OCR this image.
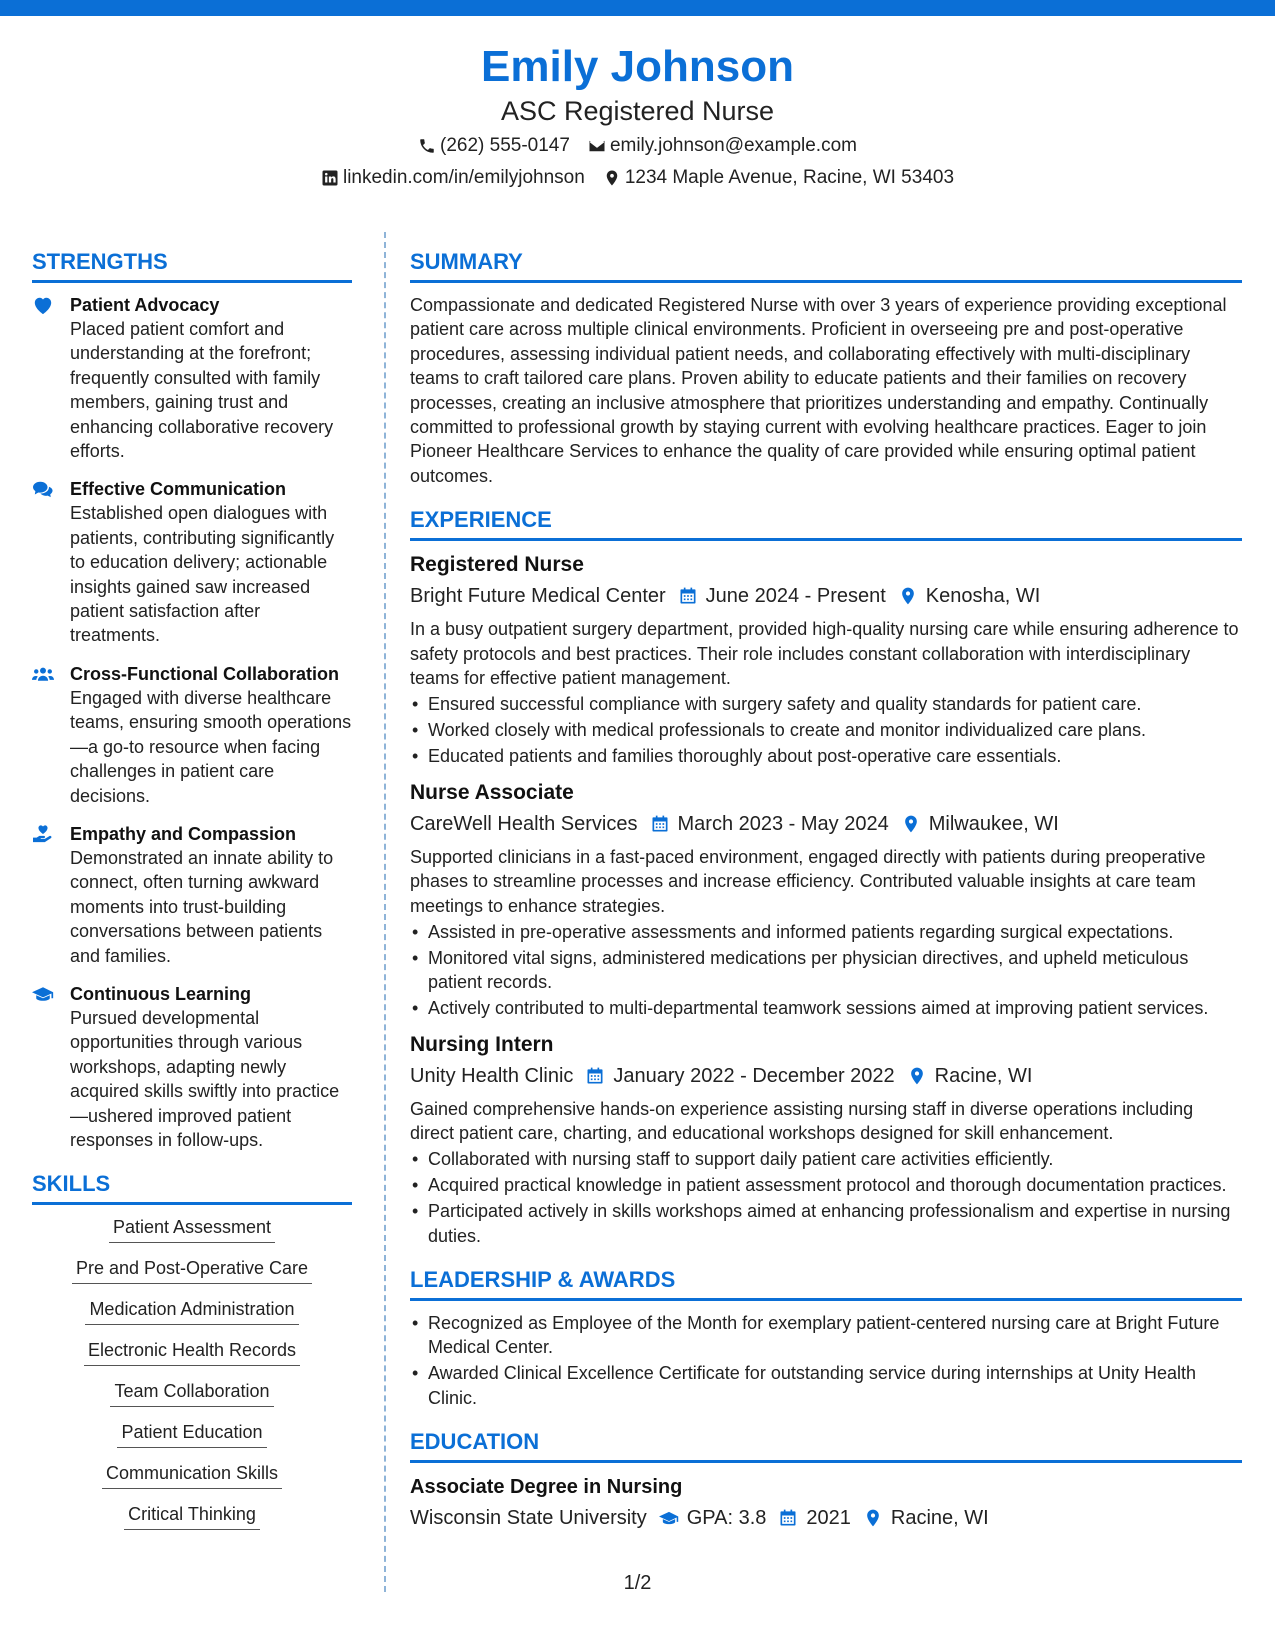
Emily Johnson
ASC Registered Nurse
(262) 555-0147 emily.johnson@example.com
linkedin.com/in/emilyjohnson 1234 Maple Avenue, Racine, WI 53403
STRENGTHS
Patient Advocacy
Placed patient comfort and understanding at the forefront; frequently consulted with family members, gaining trust and enhancing collaborative recovery efforts.
Effective Communication
Established open dialogues with patients, contributing significantly to education delivery; actionable insights gained saw increased patient satisfaction after treatments.
Cross-Functional Collaboration
Engaged with diverse healthcare teams, ensuring smooth operations—a go-to resource when facing challenges in patient care decisions.
Empathy and Compassion
Demonstrated an innate ability to connect, often turning awkward moments into trust-building conversations between patients and families.
Continuous Learning
Pursued developmental opportunities through various workshops, adapting newly acquired skills swiftly into practice—ushered improved patient responses in follow-ups.
SKILLS
Patient Assessment
Pre and Post-Operative Care
Medication Administration
Electronic Health Records
Team Collaboration
Patient Education
Communication Skills
Critical Thinking
SUMMARY
Compassionate and dedicated Registered Nurse with over 3 years of experience providing exceptional patient care across multiple clinical environments. Proficient in overseeing pre and post-operative procedures, assessing individual patient needs, and collaborating effectively with multi-disciplinary teams to craft tailored care plans. Proven ability to educate patients and their families on recovery processes, creating an inclusive atmosphere that prioritizes understanding and empathy. Continually committed to professional growth by staying current with evolving healthcare practices. Eager to join Pioneer Healthcare Services to enhance the quality of care provided while ensuring optimal patient outcomes.
EXPERIENCE
Registered Nurse
Bright Future Medical Center June 2024 - Present Kenosha, WI
In a busy outpatient surgery department, provided high-quality nursing care while ensuring adherence to safety protocols and best practices. Their role includes constant collaboration with interdisciplinary teams for effective patient management.
• Ensured successful compliance with surgery safety and quality standards for patient care.
• Worked closely with medical professionals to create and monitor individualized care plans.
• Educated patients and families thoroughly about post-operative care essentials.
Nurse Associate
CareWell Health Services March 2023 - May 2024 Milwaukee, WI
Supported clinicians in a fast-paced environment, engaged directly with patients during preoperative phases to streamline processes and increase efficiency. Contributed valuable insights at care team meetings to enhance strategies.
• Assisted in pre-operative assessments and informed patients regarding surgical expectations.
• Monitored vital signs, administered medications per physician directives, and upheld meticulous patient records.
• Actively contributed to multi-departmental teamwork sessions aimed at improving patient services.
Nursing Intern
Unity Health Clinic January 2022 - December 2022 Racine, WI
Gained comprehensive hands-on experience assisting nursing staff in diverse operations including direct patient care, charting, and educational workshops designed for skill enhancement.
• Collaborated with nursing staff to support daily patient care activities efficiently.
• Acquired practical knowledge in patient assessment protocol and thorough documentation practices.
• Participated actively in skills workshops aimed at enhancing professionalism and expertise in nursing duties.
LEADERSHIP & AWARDS
• Recognized as Employee of the Month for exemplary patient-centered nursing care at Bright Future Medical Center.
• Awarded Clinical Excellence Certificate for outstanding service during internships at Unity Health Clinic.
EDUCATION
Associate Degree in Nursing
Wisconsin State University GPA: 3.8 2021 Racine, WI
1/2
